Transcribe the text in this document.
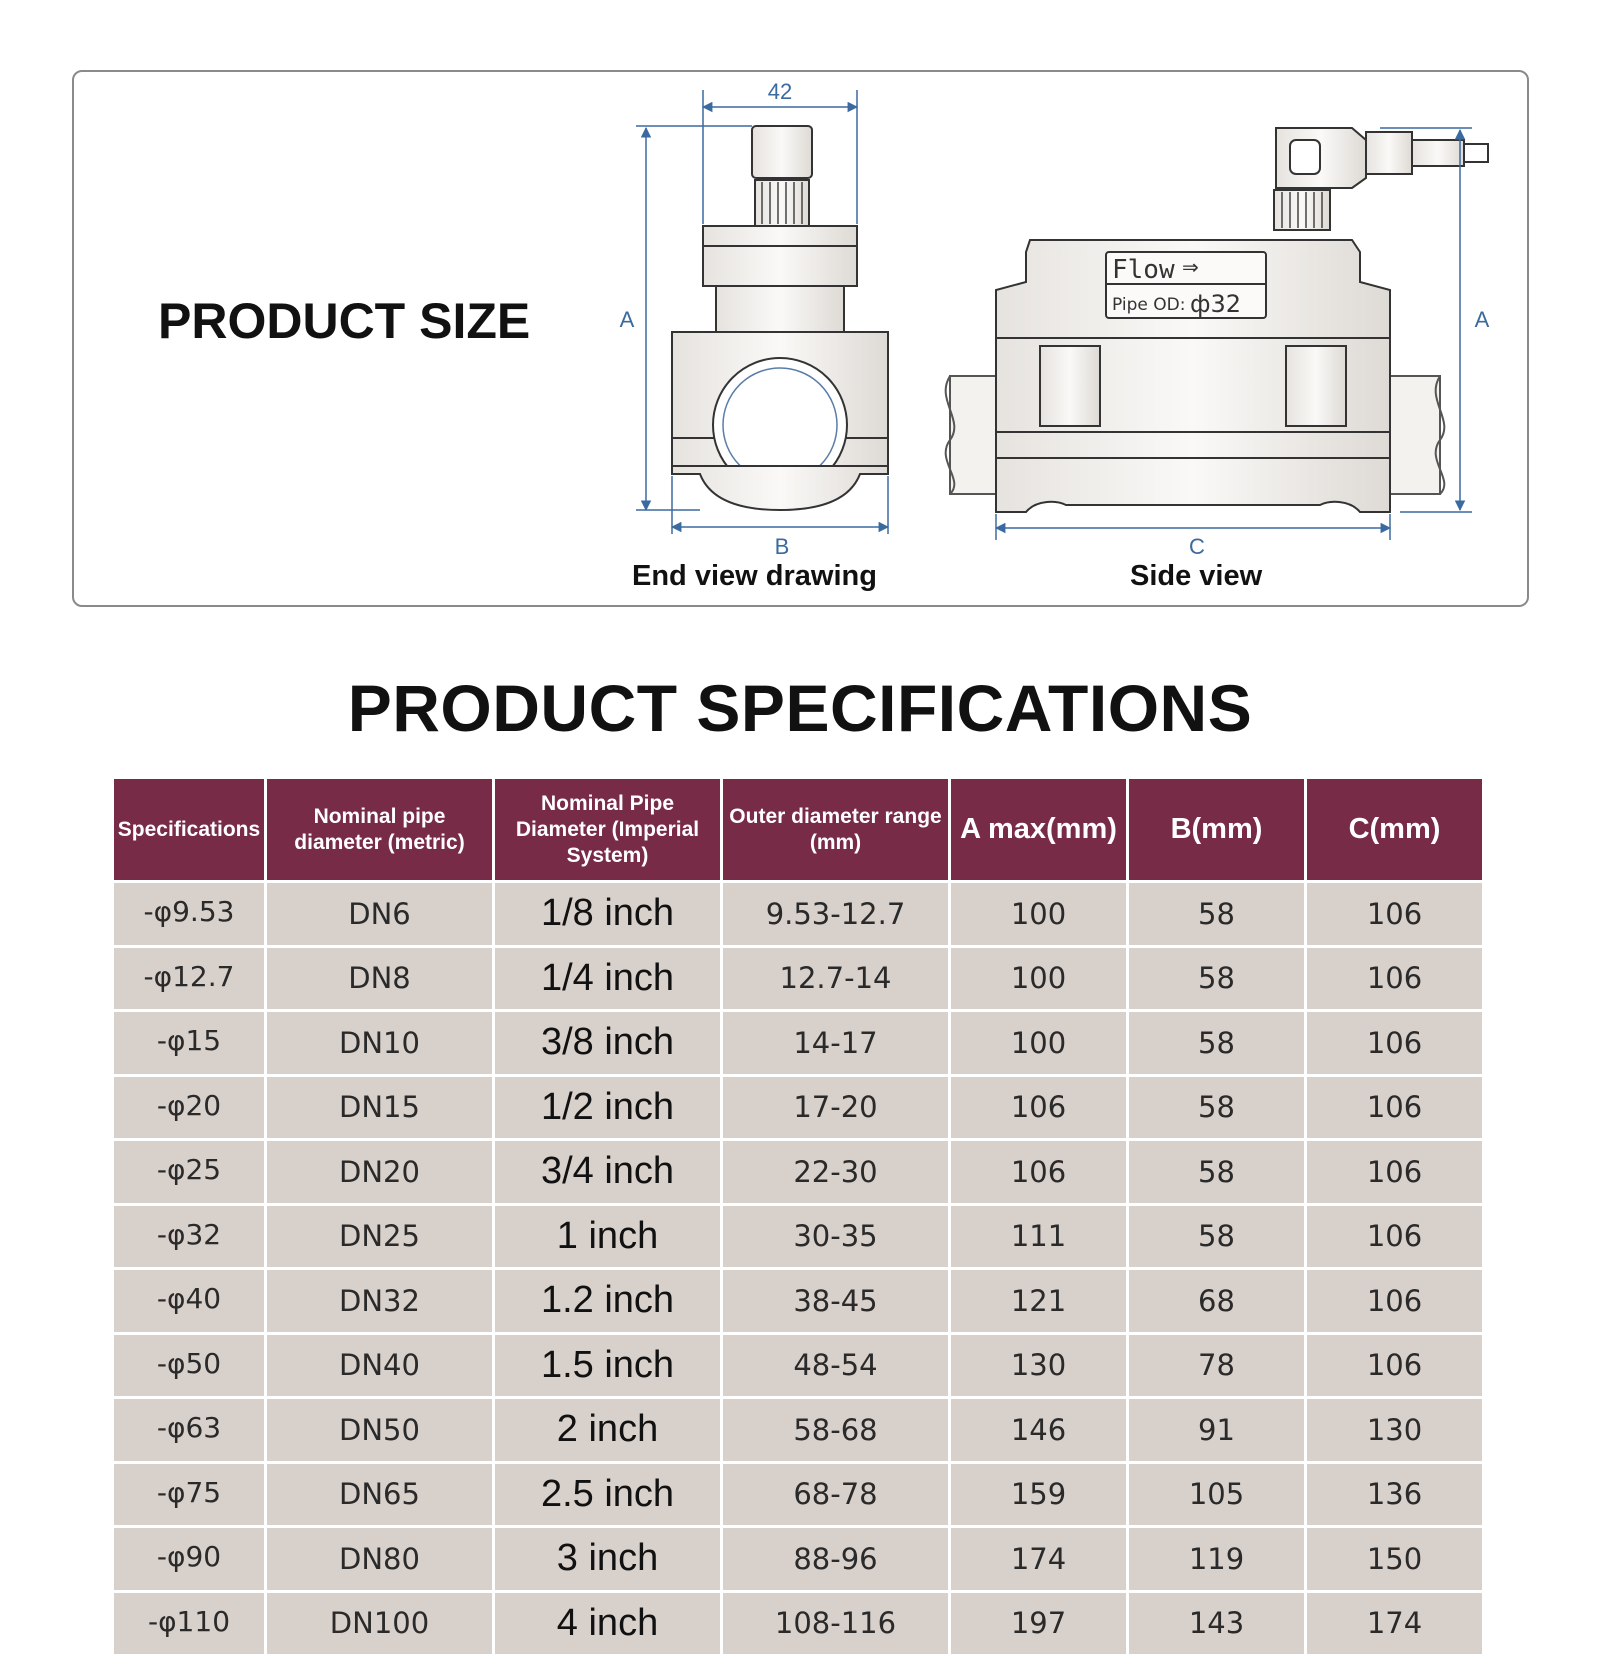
PRODUCT SIZE
42
A
B
Flow ⇒
Pipe OD: ф32
A
C
End view drawing	Side view
PRODUCT SPECIFICATIONS
Specifications	Nominal pipe diameter (metric)	Nominal Pipe Diameter (Imperial System)	Outer diameter range (mm)	A max(mm)	B(mm)	C(mm)
-φ9.53	DN6	1/8 inch	9.53-12.7	100	58	106
-φ12.7	DN8	1/4 inch	12.7-14	100	58	106
-φ15	DN10	3/8 inch	14-17	100	58	106
-φ20	DN15	1/2 inch	17-20	106	58	106
-φ25	DN20	3/4 inch	22-30	106	58	106
-φ32	DN25	1 inch	30-35	111	58	106
-φ40	DN32	1.2 inch	38-45	121	68	106
-φ50	DN40	1.5 inch	48-54	130	78	106
-φ63	DN50	2 inch	58-68	146	91	130
-φ75	DN65	2.5 inch	68-78	159	105	136
-φ90	DN80	3 inch	88-96	174	119	150
-φ110	DN100	4 inch	108-116	197	143	174
